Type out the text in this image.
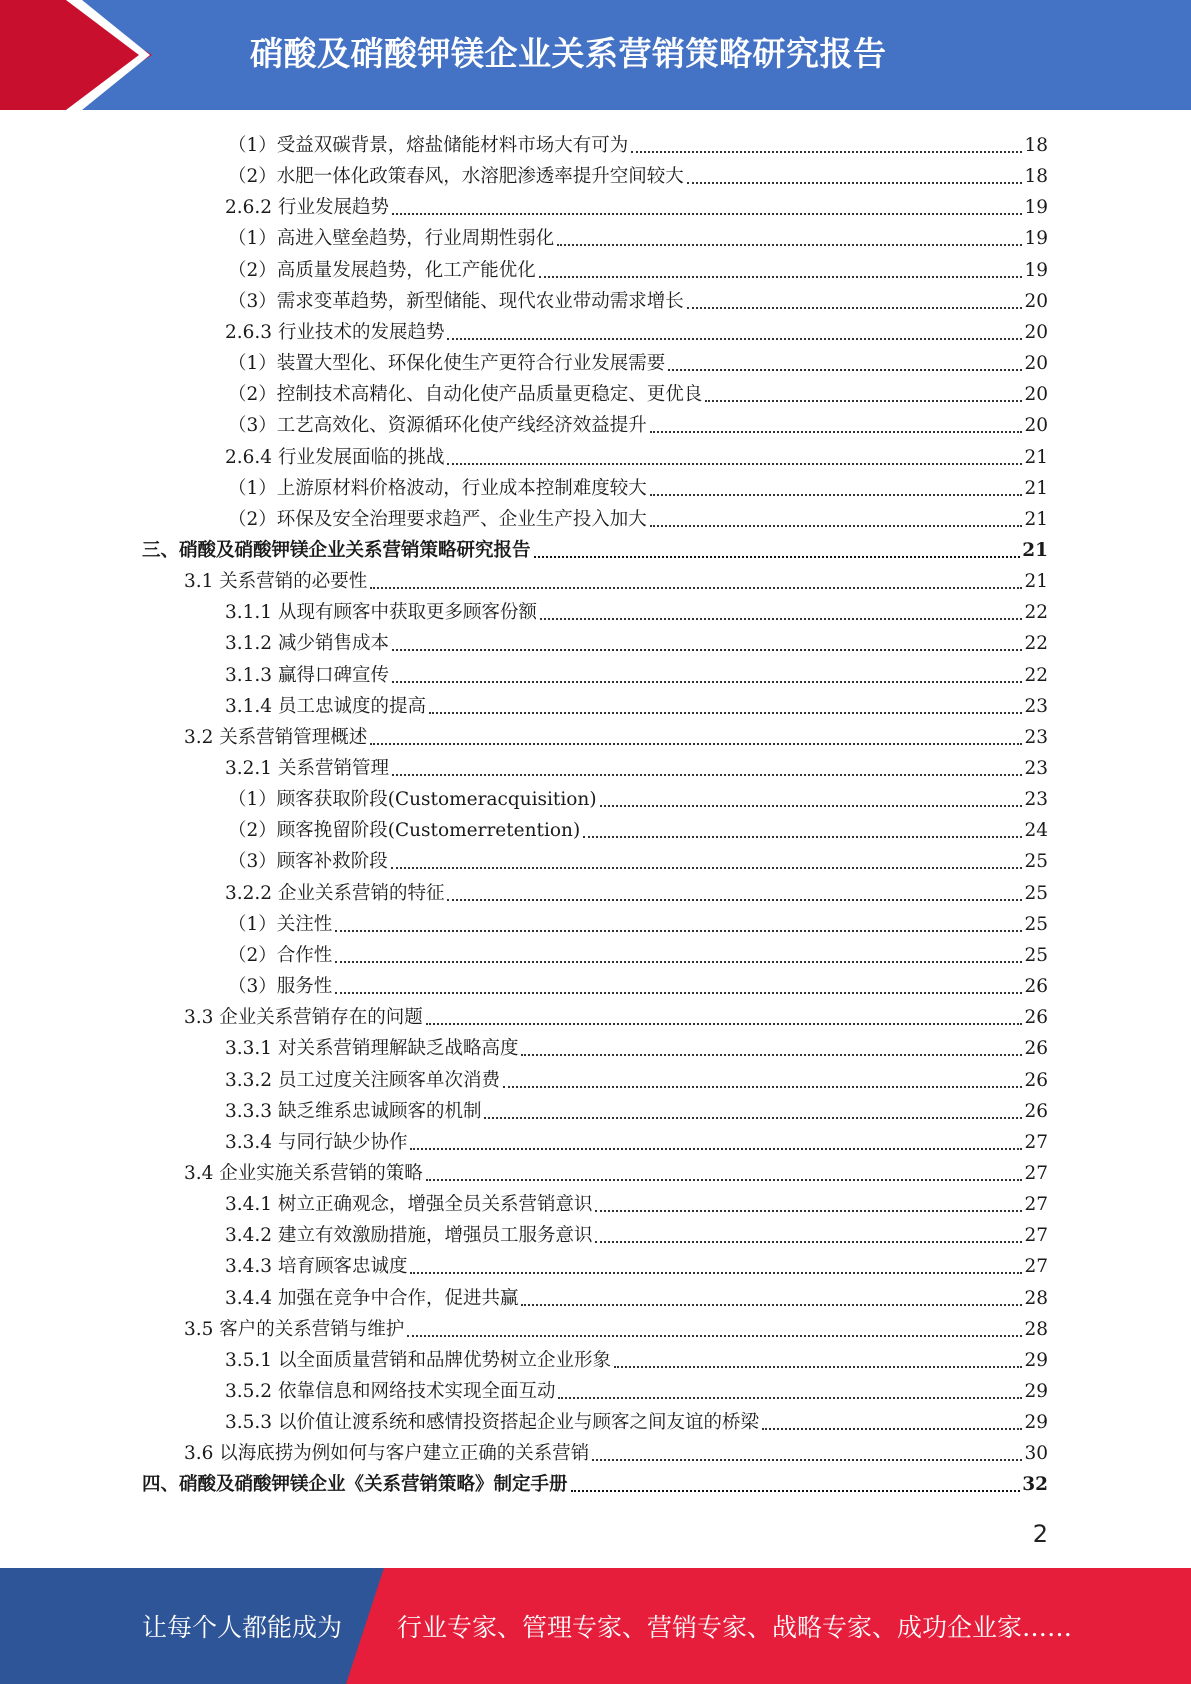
硝酸及硝酸钾镁企业关系营销策略研究报告
（1）受益双碳背景，熔盐储能材料市场大有可为	18
（2）水肥一体化政策春风，水溶肥渗透率提升空间较大	18
2.6.2 行业发展趋势	19
（1）高进入壁垒趋势，行业周期性弱化	19
（2）高质量发展趋势，化工产能优化	19
（3）需求变革趋势，新型储能、现代农业带动需求增长	20
2.6.3 行业技术的发展趋势	20
（1）装置大型化、环保化使生产更符合行业发展需要	20
（2）控制技术高精化、自动化使产品质量更稳定、更优良	20
（3）工艺高效化、资源循环化使产线经济效益提升	20
2.6.4 行业发展面临的挑战	21
（1）上游原材料价格波动，行业成本控制难度较大	21
（2）环保及安全治理要求趋严、企业生产投入加大	21
三、硝酸及硝酸钾镁企业关系营销策略研究报告	21
3.1 关系营销的必要性	21
3.1.1 从现有顾客中获取更多顾客份额	22
3.1.2 减少销售成本	22
3.1.3 赢得口碑宣传	22
3.1.4 员工忠诚度的提高	23
3.2 关系营销管理概述	23
3.2.1 关系营销管理	23
（1）顾客获取阶段(Customeracquisition)	23
（2）顾客挽留阶段(Customerretention)	24
（3）顾客补救阶段	25
3.2.2 企业关系营销的特征	25
（1）关注性	25
（2）合作性	25
（3）服务性	26
3.3 企业关系营销存在的问题	26
3.3.1 对关系营销理解缺乏战略高度	26
3.3.2 员工过度关注顾客单次消费	26
3.3.3 缺乏维系忠诚顾客的机制	26
3.3.4 与同行缺少协作	27
3.4 企业实施关系营销的策略	27
3.4.1 树立正确观念，增强全员关系营销意识	27
3.4.2 建立有效激励措施，增强员工服务意识	27
3.4.3 培育顾客忠诚度	27
3.4.4 加强在竞争中合作，促进共赢	28
3.5 客户的关系营销与维护	28
3.5.1 以全面质量营销和品牌优势树立企业形象	29
3.5.2 依靠信息和网络技术实现全面互动	29
3.5.3 以价值让渡系统和感情投资搭起企业与顾客之间友谊的桥梁	29
3.6 以海底捞为例如何与客户建立正确的关系营销	30
四、硝酸及硝酸钾镁企业《关系营销策略》制定手册	32
2
让每个人都能成为 行业专家、管理专家、营销专家、战略专家、成功企业家……
